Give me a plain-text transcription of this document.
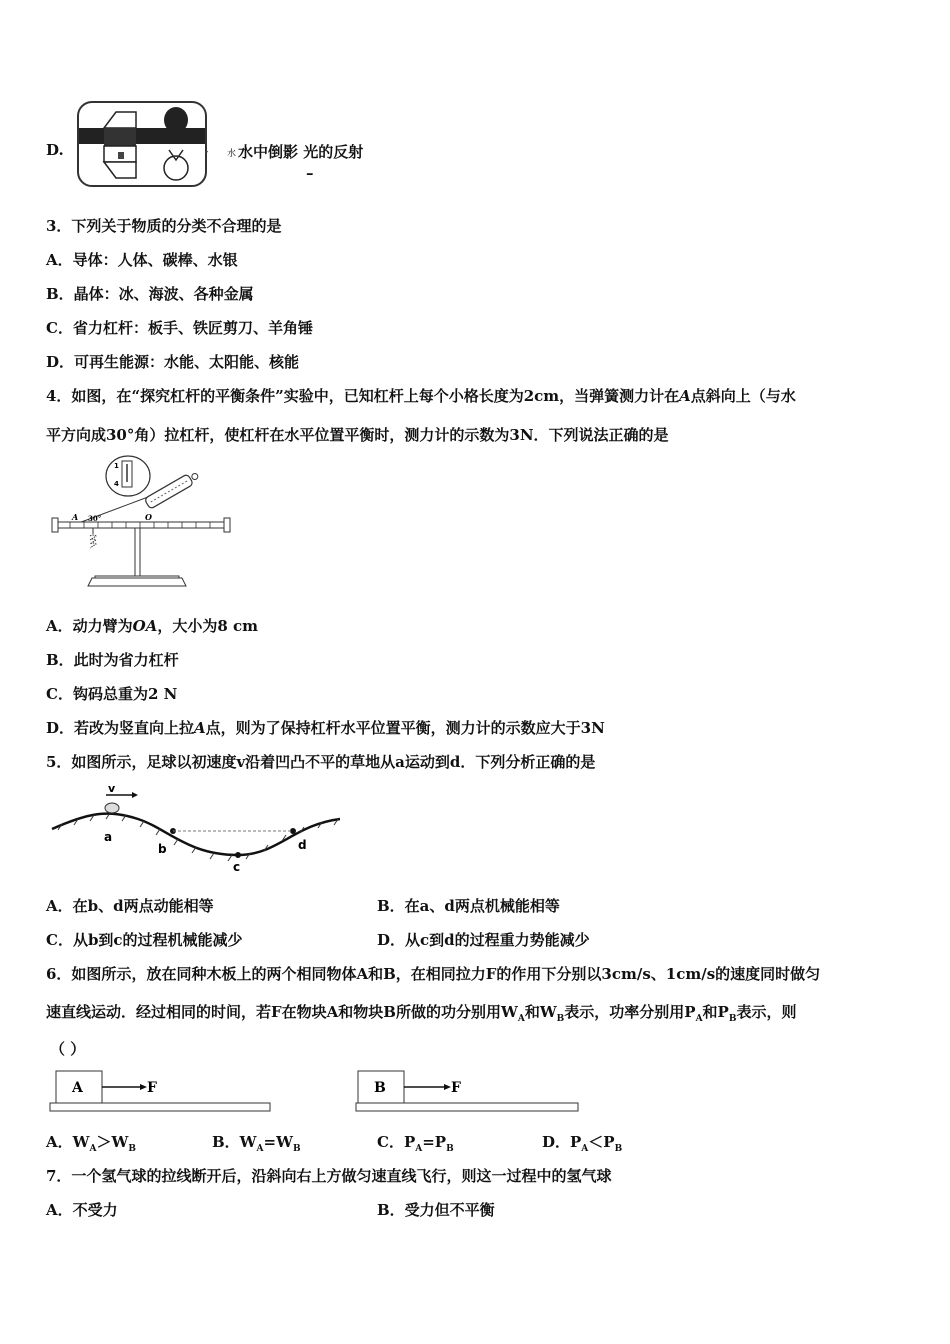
D.	水 水中倒影 光的反射
–
3．下列关于物质的分类不合理的是
A．导体：人体、碳棒、水银
B．晶体：冰、海波、各种金属
C．省力杠杆：板手、铁匠剪刀、羊角锤
D．可再生能源：水能、太阳能、核能
4．如图，在“探究杠杆的平衡条件”实验中，已知杠杆上每个小格长度为2cm，当弹簧测力计在A点斜向上（与水
平方向成30°角）拉杠杆，使杠杆在水平位置平衡时，测力计的示数为3N．下列说法正确的是
1
4
A	O
30°
A．动力臂为OA，大小为8 cm
B．此时为省力杠杆
C．钩码总重为2 N
D．若改为竖直向上拉A点，则为了保持杠杆水平位置平衡，测力计的示数应大于3N
5．如图所示，足球以初速度v沿着凹凸不平的草地从a运动到d．下列分析正确的是
v
a
b
c
d
A．在b、d两点动能相等	B．在a、d两点机械能相等
C．从b到c的过程机械能减少	D．从c到d的过程重力势能减少
6．如图所示，放在同种木板上的两个相同物体A和B，在相同拉力F的作用下分别以3cm/s、1cm/s的速度同时做匀
速直线运动．经过相同的时间，若F在物块A和物块B所做的功分别用$W_A$和$W_B$表示，功率分别用$P_A$和$P_B$表示，则
（ ）
A	F	B	F
A．$W_A>W_B$	B．$W_A=W_B$	C．$P_A=P_B$	D．$P_A<P_B$
7．一个氢气球的拉线断开后，沿斜向右上方做匀速直线飞行，则这一过程中的氢气球
A．不受力	B．受力但不平衡
